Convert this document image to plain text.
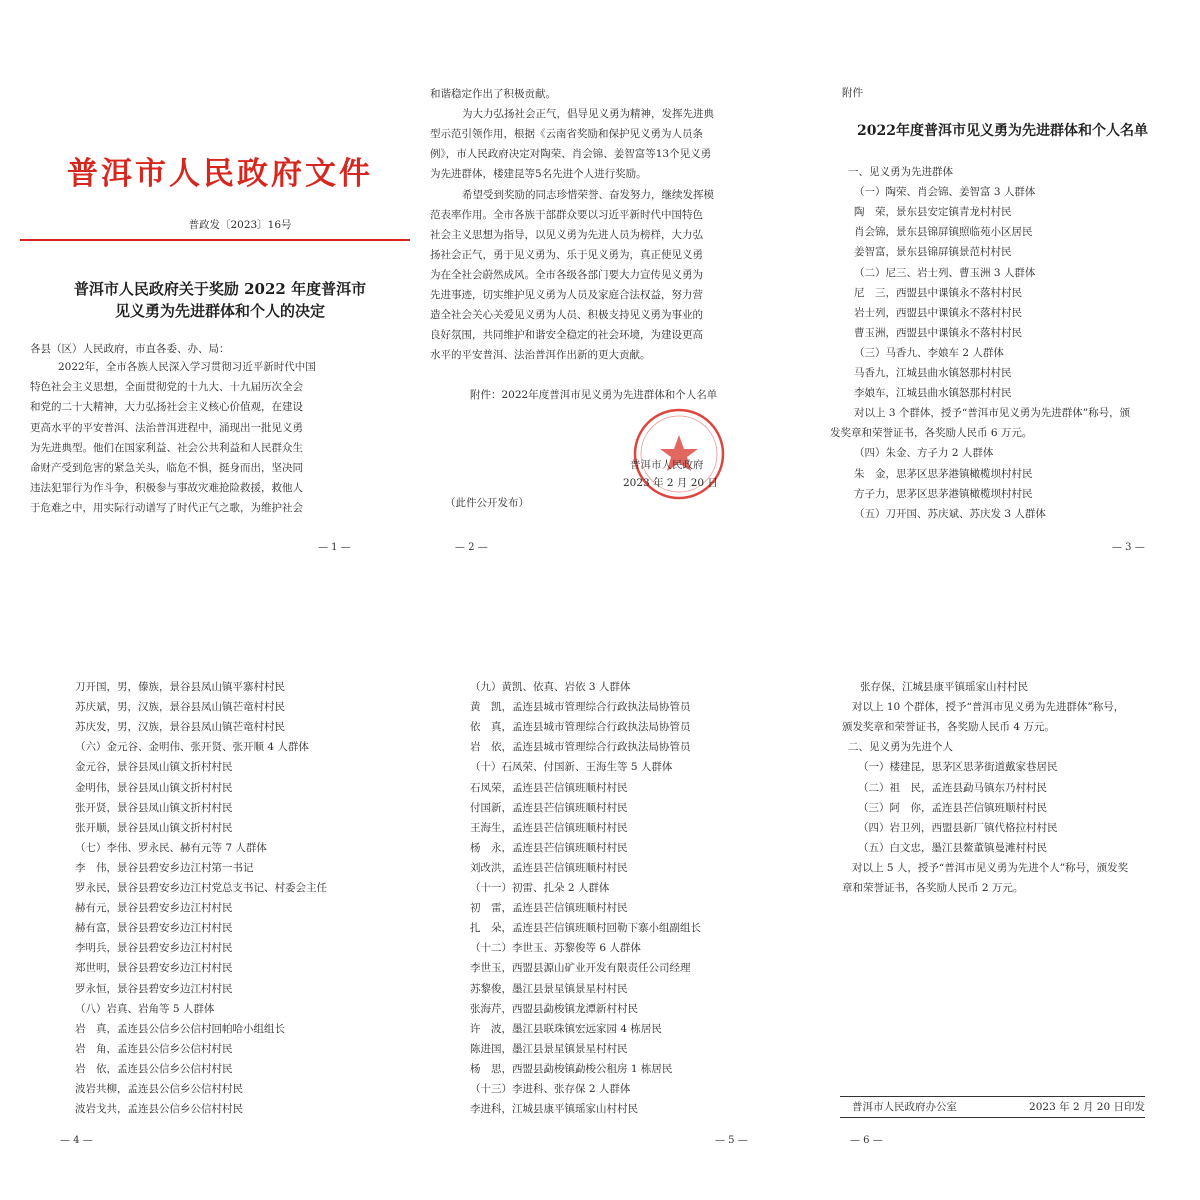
普洱市人民政府文件
普政发〔2023〕16号
普洱市人民政府关于奖励 2022 年度普洱市
见义勇为先进群体和个人的决定
各县（区）人民政府，市直各委、办、局：
2022年，全市各族人民深入学习贯彻习近平新时代中国
特色社会主义思想，全面贯彻党的十九大、十九届历次全会
和党的二十大精神，大力弘扬社会主义核心价值观，在建设
更高水平的平安普洱、法治普洱进程中，涌现出一批见义勇
为先进典型。他们在国家利益、社会公共利益和人民群众生
命财产受到危害的紧急关头，临危不惧，挺身而出，坚决同
违法犯罪行为作斗争，积极参与事故灾难抢险救援，救他人
于危难之中，用实际行动谱写了时代正气之歌，为维护社会
— 1 —
和谐稳定作出了积极贡献。
为大力弘扬社会正气，倡导见义勇为精神，发挥先进典
型示范引领作用，根据《云南省奖励和保护见义勇为人员条
例》，市人民政府决定对陶荣、肖会锦、姜智富等13个见义勇
为先进群体，楼建昆等5名先进个人进行奖励。
希望受到奖励的同志珍惜荣誉、奋发努力，继续发挥模
范表率作用。全市各族干部群众要以习近平新时代中国特色
社会主义思想为指导，以见义勇为先进人员为榜样，大力弘
扬社会正气，勇于见义勇为、乐于见义勇为，真正使见义勇
为在全社会蔚然成风。全市各级各部门要大力宣传见义勇为
先进事迹，切实维护见义勇为人员及家庭合法权益，努力营
造全社会关心关爱见义勇为人员、积极支持见义勇为事业的
良好氛围，共同维护和谐安全稳定的社会环境，为建设更高
水平的平安普洱、法治普洱作出新的更大贡献。
附件：2022年度普洱市见义勇为先进群体和个人名单
普洱市人民政府
2023 年 2 月 20 日
（此件公开发布）
— 2 —
附件
2022年度普洱市见义勇为先进群体和个人名单
一、见义勇为先进群体
（一）陶荣、肖会锦、姜智富 3 人群体
陶　荣，景东县安定镇青龙村村民
肖会锦，景东县锦屏镇照临苑小区居民
姜智富，景东县锦屏镇景范村村民
（二）尼三、岩士列、曹玉洲 3 人群体
尼　三，西盟县中课镇永不落村村民
岩士列，西盟县中课镇永不落村村民
曹玉洲，西盟县中课镇永不落村村民
（三）马香九、李娘车 2 人群体
马香九，江城县曲水镇怒那村村民
李娘车，江城县曲水镇怒那村村民
对以上 3 个群体，授予“普洱市见义勇为先进群体”称号，颁
发奖章和荣誉证书，各奖励人民币 6 万元。
（四）朱金、方子力 2 人群体
朱　金，思茅区思茅港镇橄榄坝村村民
方子力，思茅区思茅港镇橄榄坝村村民
（五）刀开国、苏庆斌、苏庆发 3 人群体
— 3 —
刀开国，男，傣族，景谷县凤山镇平寨村村民
苏庆斌，男，汉族，景谷县凤山镇芒竜村村民
苏庆发，男，汉族，景谷县凤山镇芒竜村村民
（六）金元谷、金明伟、张开贤、张开顺 4 人群体
金元谷，景谷县凤山镇文折村村民
金明伟，景谷县凤山镇文折村村民
张开贤，景谷县凤山镇文折村村民
张开顺，景谷县凤山镇文折村村民
（七）李伟、罗永民、赫有元等 7 人群体
李　伟，景谷县碧安乡边江村第一书记
罗永民，景谷县碧安乡边江村党总支书记、村委会主任
赫有元，景谷县碧安乡边江村村民
赫有富，景谷县碧安乡边江村村民
李明兵，景谷县碧安乡边江村村民
郑世明，景谷县碧安乡边江村村民
罗永恒，景谷县碧安乡边江村村民
（八）岩真、岩角等 5 人群体
岩　真，孟连县公信乡公信村回帕哈小组组长
岩　角，孟连县公信乡公信村村民
岩　依，孟连县公信乡公信村村民
波岩共柳，孟连县公信乡公信村村民
波岩戈共，孟连县公信乡公信村村民
— 4 —
（九）黄凯、依真、岩依 3 人群体
黄　凯，孟连县城市管理综合行政执法局协管员
依　真，孟连县城市管理综合行政执法局协管员
岩　依，孟连县城市管理综合行政执法局协管员
（十）石凤荣、付国新、王海生等 5 人群体
石凤荣，孟连县芒信镇班顺村村民
付国新，孟连县芒信镇班顺村村民
王海生，孟连县芒信镇班顺村村民
杨　永，孟连县芒信镇班顺村村民
刘改洪，孟连县芒信镇班顺村村民
（十一）初雷、扎朵 2 人群体
初　雷，孟连县芒信镇班顺村村民
扎　朵，孟连县芒信镇班顺村回勒下寨小组副组长
（十二）李世玉、苏黎俊等 6 人群体
李世玉，西盟县源山矿业开发有限责任公司经理
苏黎俊，墨江县景星镇景星村村民
张海芹，西盟县勐梭镇龙潭新村村民
许　波，墨江县联珠镇宏远家园 4 栋居民
陈进国，墨江县景星镇景星村村民
杨　思，西盟县勐梭镇勐梭公租房 1 栋居民
（十三）李进科、张存保 2 人群体
李进科，江城县康平镇瑶家山村村民
— 5 —
张存保，江城县康平镇瑶家山村村民
对以上 10 个群体，授予“普洱市见义勇为先进群体”称号，
颁发奖章和荣誉证书，各奖励人民币 4 万元。
二、见义勇为先进个人
（一）楼建昆，思茅区思茅街道戴家巷居民
（二）祖　民，孟连县勐马镇东乃村村民
（三）阿　你，孟连县芒信镇班顺村村民
（四）岩卫列，西盟县新厂镇代格拉村村民
（五）白文忠，墨江县鳌董镇曼滩村村民
对以上 5 人，授予“普洱市见义勇为先进个人”称号，颁发奖
章和荣誉证书，各奖励人民币 2 万元。
普洱市人民政府办公室	2023 年 2 月 20 日印发
— 6 —
